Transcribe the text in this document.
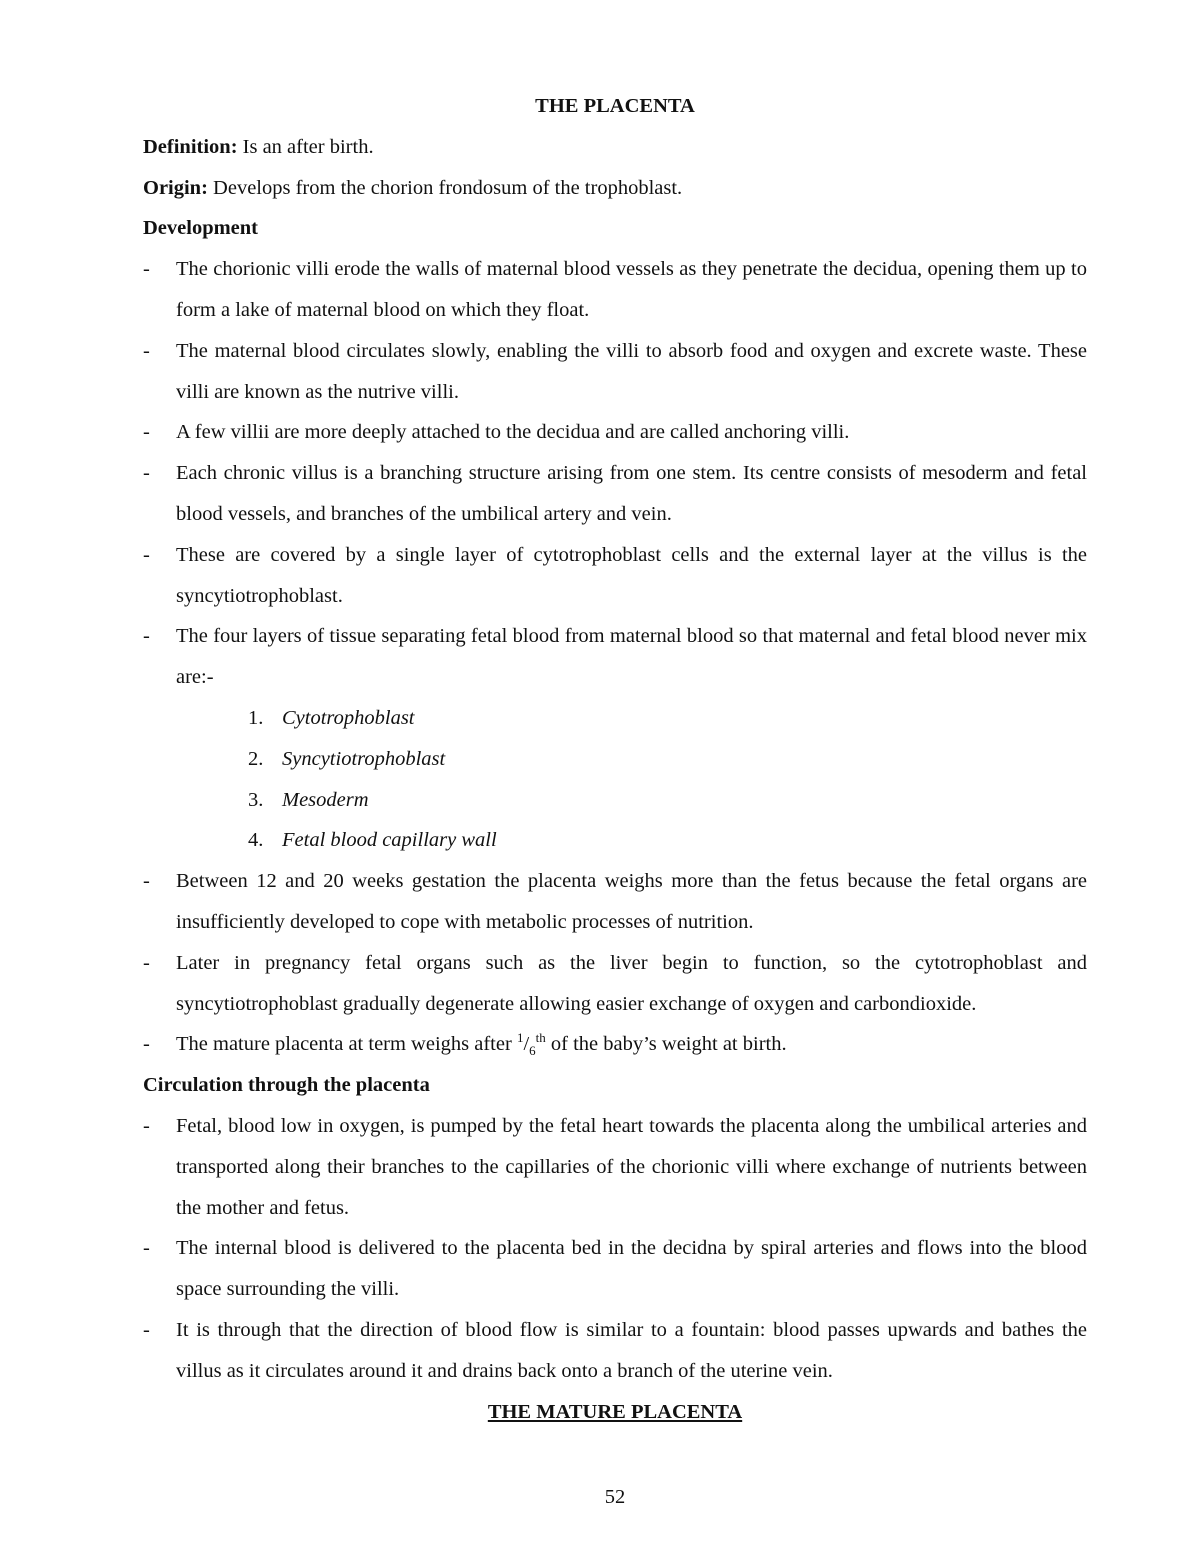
THE PLACENTA

Definition: Is an after birth.

Origin: Develops from the chorion frondosum of the trophoblast.

Development

- The chorionic villi erode the walls of maternal blood vessels as they penetrate the decidua, opening them up to form a lake of maternal blood on which they float.
- The maternal blood circulates slowly, enabling the villi to absorb food and oxygen and excrete waste. These villi are known as the nutrive villi.
- A few villii are more deeply attached to the decidua and are called anchoring villi.
- Each chronic villus is a branching structure arising from one stem. Its centre consists of mesoderm and fetal blood vessels, and branches of the umbilical artery and vein.
- These are covered by a single layer of cytotrophoblast cells and the external layer at the villus is the syncytiotrophoblast.
- The four layers of tissue separating fetal blood from maternal blood so that maternal and fetal blood never mix are:-
1. Cytotrophoblast
2. Syncytiotrophoblast
3. Mesoderm
4. Fetal blood capillary wall
- Between 12 and 20 weeks gestation the placenta weighs more than the fetus because the fetal organs are insufficiently developed to cope with metabolic processes of nutrition.
- Later in pregnancy fetal organs such as the liver begin to function, so the cytotrophoblast and syncytiotrophoblast gradually degenerate allowing easier exchange of oxygen and carbondioxide.
- The mature placenta at term weighs after $^1/_6^{th}$ of the baby’s weight at birth.

Circulation through the placenta

- Fetal, blood low in oxygen, is pumped by the fetal heart towards the placenta along the umbilical arteries and transported along their branches to the capillaries of the chorionic villi where exchange of nutrients between the mother and fetus.
- The internal blood is delivered to the placenta bed in the decidna by spiral arteries and flows into the blood space surrounding the villi.
- It is through that the direction of blood flow is similar to a fountain: blood passes upwards and bathes the villus as it circulates around it and drains back onto a branch of the uterine vein.

THE MATURE PLACENTA

52
